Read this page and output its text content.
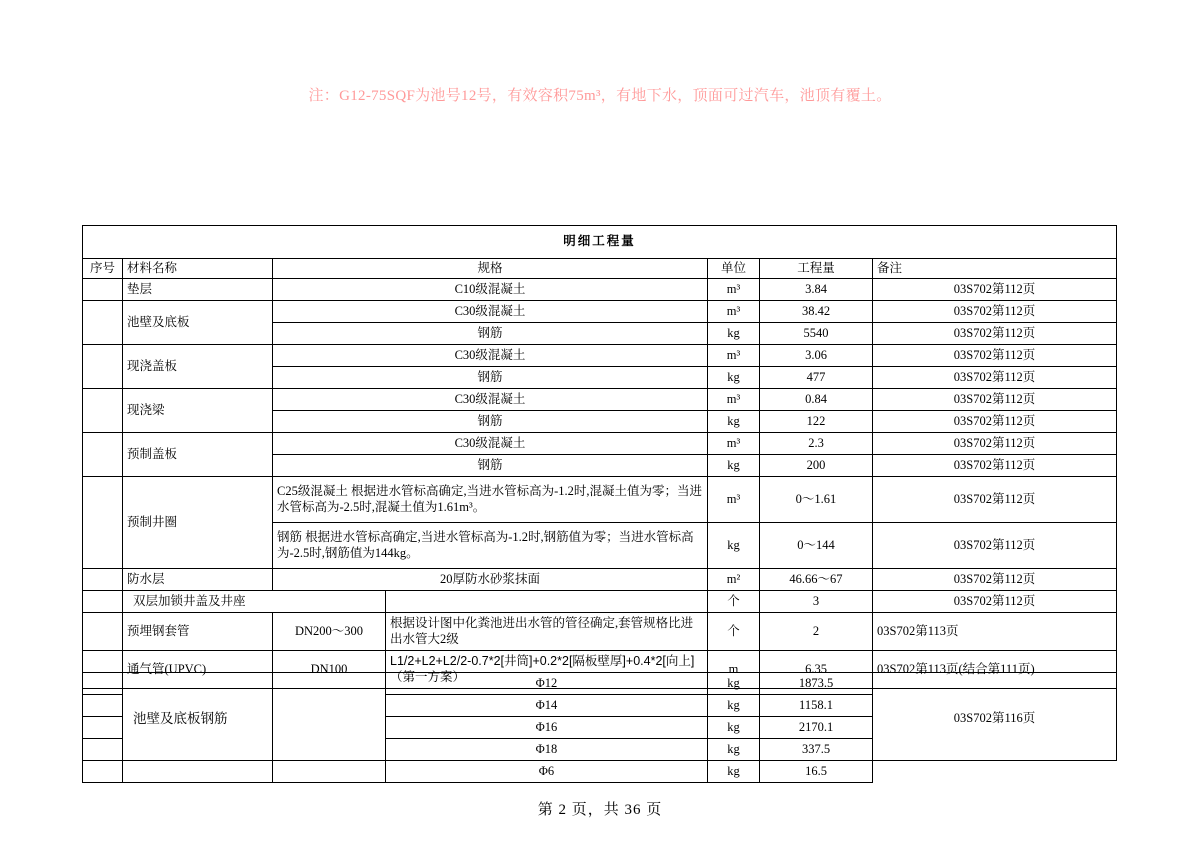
注：G12-75SQF为池号12号，有效容积75m³，有地下水，顶面可过汽车，池顶有覆土。
明细工程量						
序号	材料名称	规格		单位	工程量	备注
	垫层	C10级混凝土		m³	3.84	03S702第112页
	池壁及底板	C30级混凝土		m³	38.42	03S702第112页
		钢筋		kg	5540	03S702第112页
	现浇盖板	C30级混凝土		m³	3.06	03S702第112页
		钢筋		kg	477	03S702第112页
	现浇梁	C30级混凝土		m³	0.84	03S702第112页
		钢筋		kg	122	03S702第112页
	预制盖板	C30级混凝土		m³	2.3	03S702第112页
		钢筋		kg	200	03S702第112页
	预制井圈	C25级混凝土 根据进水管标高确定,当进水管标高为-1.2时,混凝土值为零；当进水管标高为-2.5时,混凝土值为1.61m³。		m³	0～1.61	03S702第112页
		钢筋 根据进水管标高确定,当进水管标高为-1.2时,钢筋值为零；当进水管标高为-2.5时,钢筋值为144kg。		kg	0～144	03S702第112页
	防水层	20厚防水砂浆抹面		m²	46.66～67	03S702第112页
	双层加锁井盖及井座			个	3	03S702第112页
	预埋钢套管	DN200～300	根据设计图中化粪池进出水管的管径确定,套管规格比进出水管大2级	个	2	03S702第113页
	通气管(UPVC)	DN100	L1/2+L2+L2/2-0.7*2[井筒]+0.2*2[隔板壁厚]+0.4*2[向上] （第一方案）	m	6.35	03S702第113页(结合第111页)
	池壁及底板钢筋		Φ12	kg	1873.5	03S702第116页
			Φ14	kg	1158.1	
			Φ16	kg	2170.1	
			Φ18	kg	337.5	
			Φ6	kg	16.5	
第 2 页，共 36 页
